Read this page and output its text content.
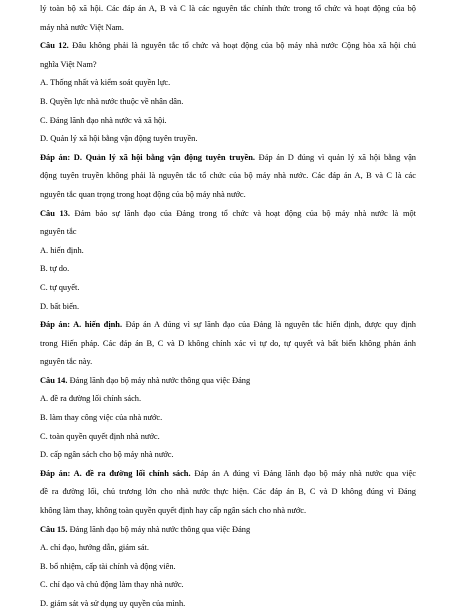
lý toàn bộ xã hội. Các đáp án A, B và C là các nguyên tắc chính thức trong tổ chức và hoạt động của bộ
máy nhà nước Việt Nam.
Câu 12. Đâu không phải là nguyên tắc tổ chức và hoạt động của bộ máy nhà nước Cộng hòa xã hội chủ
nghĩa Việt Nam?
A. Thống nhất và kiểm soát quyền lực.
B. Quyền lực nhà nước thuộc về nhân dân.
C. Đảng lãnh đạo nhà nước và xã hội.
D. Quản lý xã hội bằng vận động tuyên truyền.
Đáp án: D. Quản lý xã hội bằng vận động tuyên truyền. Đáp án D đúng vì quản lý xã hội bằng vận
động tuyên truyền không phải là nguyên tắc tổ chức của bộ máy nhà nước. Các đáp án A, B và C là các
nguyên tắc quan trọng trong hoạt động của bộ máy nhà nước.
Câu 13. Đảm bảo sự lãnh đạo của Đảng trong tổ chức và hoạt động của bộ máy nhà nước là một
nguyên tắc
A. hiến định.
B. tự do.
C. tự quyết.
D. bất biến.
Đáp án: A. hiến định. Đáp án A đúng vì sự lãnh đạo của Đảng là nguyên tắc hiến định, được quy định
trong Hiến pháp. Các đáp án B, C và D không chính xác vì tự do, tự quyết và bất biến không phản ánh
nguyên tắc này.
Câu 14. Đảng lãnh đạo bộ máy nhà nước thông qua việc Đảng
A. đề ra đường lối chính sách.
B. làm thay công việc của nhà nước.
C. toàn quyền quyết định nhà nước.
D. cấp ngân sách cho bộ máy nhà nước.
Đáp án: A. đề ra đường lối chính sách. Đáp án A đúng vì Đảng lãnh đạo bộ máy nhà nước qua việc
đề ra đường lối, chủ trương lớn cho nhà nước thực hiện. Các đáp án B, C và D không đúng vì Đảng
không làm thay, không toàn quyền quyết định hay cấp ngân sách cho nhà nước.
Câu 15. Đảng lãnh đạo bộ máy nhà nước thông qua việc Đảng
A. chỉ đạo, hướng dẫn, giám sát.
B. bổ nhiệm, cấp tài chính và động viên.
C. chỉ đạo và chủ động làm thay nhà nước.
D. giám sát và sử dụng uy quyền của mình.
